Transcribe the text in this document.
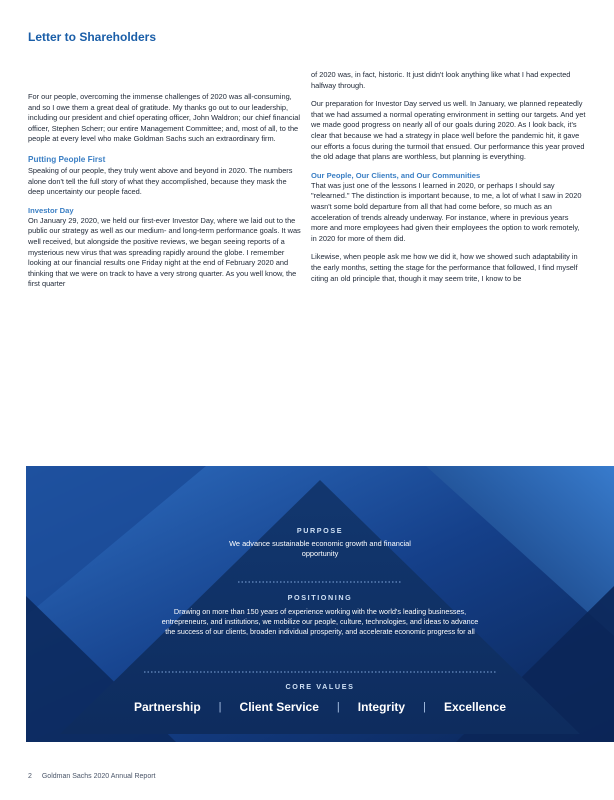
Letter to Shareholders

For our people, overcoming the immense challenges of 2020 was all-consuming, and so I owe them a great deal of gratitude. My thanks go out to our leadership, including our president and chief operating officer, John Waldron; our chief financial officer, Stephen Scherr; our entire Management Committee; and, most of all, to the people at every level who make Goldman Sachs such an extraordinary firm.

Putting People First

Speaking of our people, they truly went above and beyond in 2020. The numbers alone don't tell the full story of what they accomplished, because they mask the deep uncertainty our people faced.

Investor Day

On January 29, 2020, we held our first-ever Investor Day, where we laid out to the public our strategy as well as our medium- and long-term performance goals. It was well received, but alongside the positive reviews, we began seeing reports of a mysterious new virus that was spreading rapidly around the globe. I remember looking at our financial results one Friday night at the end of February 2020 and thinking that we were on track to have a very strong quarter. As you well know, the first quarter

of 2020 was, in fact, historic. It just didn't look anything like what I had expected halfway through.

Our preparation for Investor Day served us well. In January, we planned repeatedly that we had assumed a normal operating environment in setting our targets. And yet we made good progress on nearly all of our goals during 2020. As I look back, it's clear that because we had a strategy in place well before the pandemic hit, it gave our efforts a focus during the turmoil that ensued. Our performance this year proved the old adage that plans are worthless, but planning is everything.

Our People, Our Clients, and Our Communities

That was just one of the lessons I learned in 2020, or perhaps I should say "relearned." The distinction is important because, to me, a lot of what I saw in 2020 wasn't some bold departure from all that had come before, so much as an acceleration of trends already underway. For instance, where in previous years more and more employees had given their employees the option to work remotely, in 2020 for more of them did.

Likewise, when people ask me how we did it, how we showed such adaptability in the early months, setting the stage for the performance that followed, I find myself citing an old principle that, though it may seem trite, I know to be

PURPOSE
We advance sustainable economic growth and financial opportunity
POSITIONING
Drawing on more than 150 years of experience working with the world's leading businesses, entrepreneurs, and institutions, we mobilize our people, culture, technologies, and ideas to advance the success of our clients, broaden individual prosperity, and accelerate economic progress for all
CORE VALUES
Partnership	|	Client Service	|	Integrity	|	Excellence
2 Goldman Sachs 2020 Annual Report
